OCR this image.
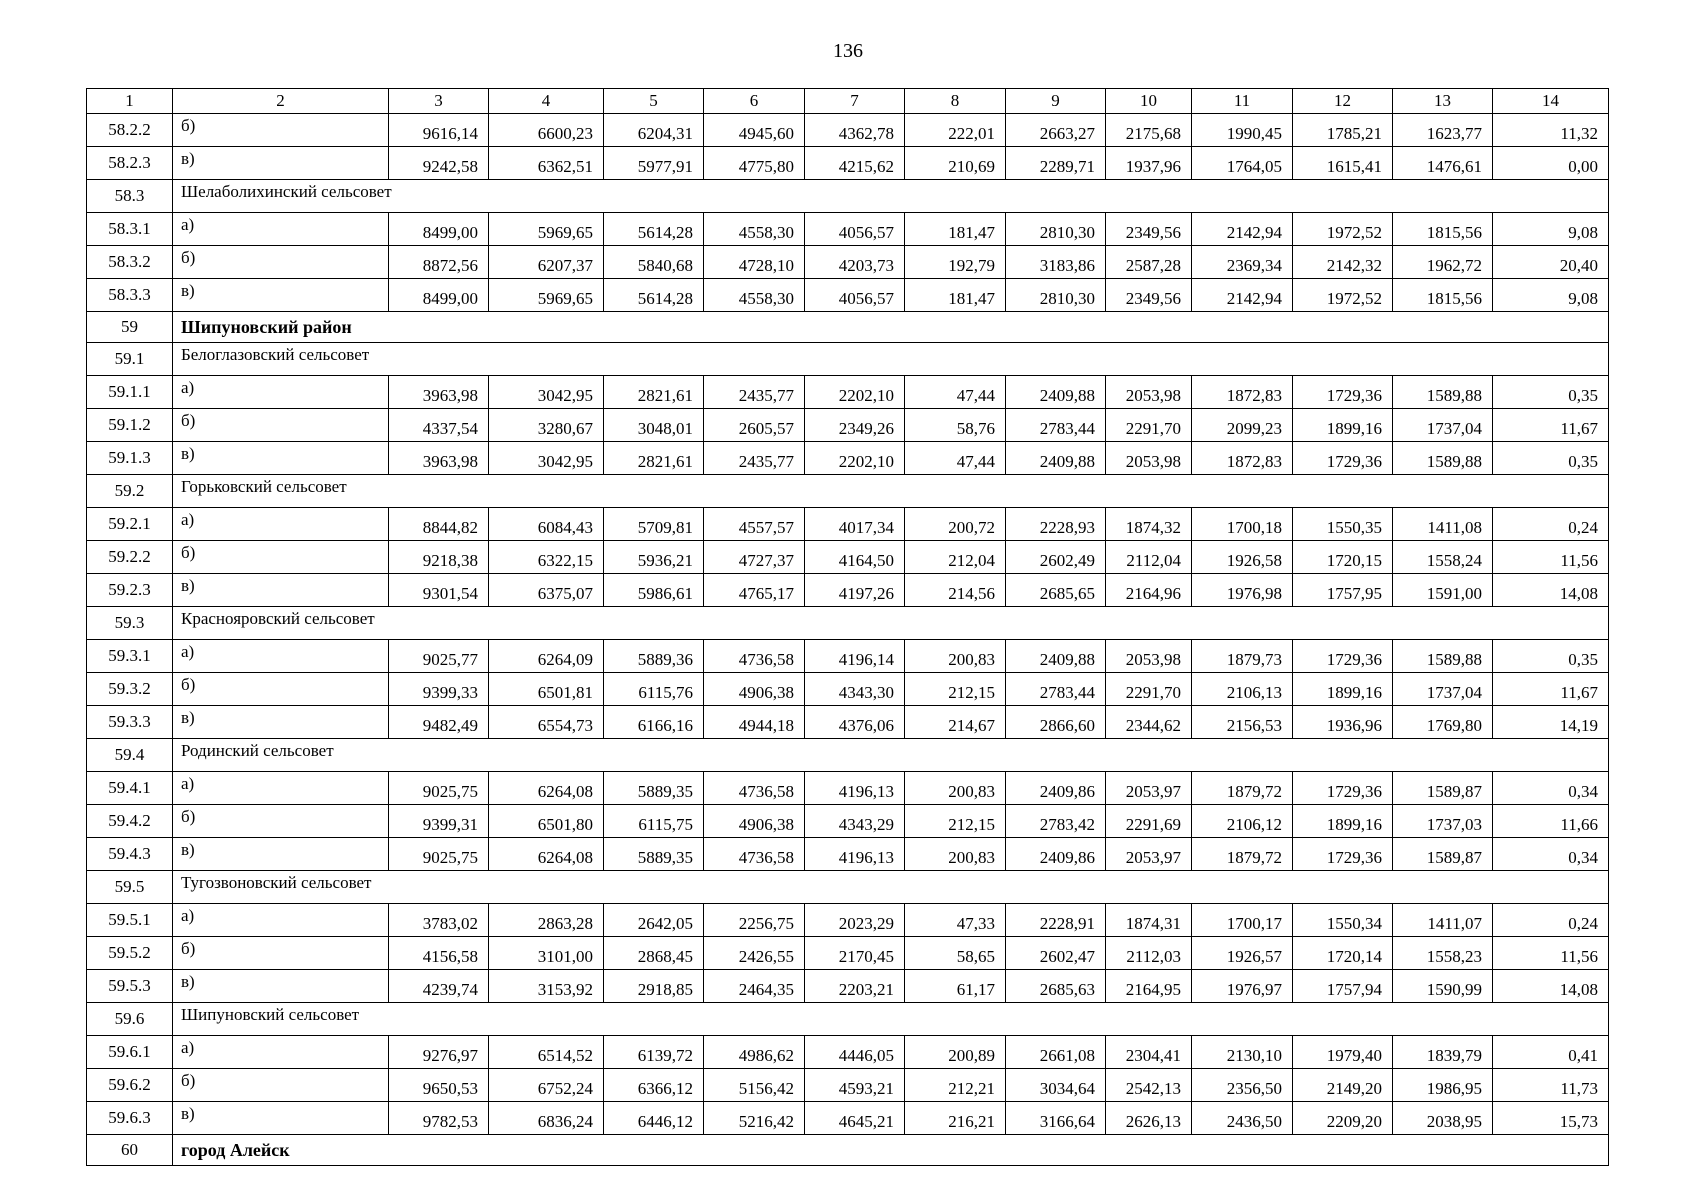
136
1	2	3	4	5	6	7	8	9	10	11	12	13	14
58.2.2	б)	9616,14	6600,23	6204,31	4945,60	4362,78	222,01	2663,27	2175,68	1990,45	1785,21	1623,77	11,32
58.2.3	в)	9242,58	6362,51	5977,91	4775,80	4215,62	210,69	2289,71	1937,96	1764,05	1615,41	1476,61	0,00
58.3	Шелаболихинский сельсовет												
58.3.1	а)	8499,00	5969,65	5614,28	4558,30	4056,57	181,47	2810,30	2349,56	2142,94	1972,52	1815,56	9,08
58.3.2	б)	8872,56	6207,37	5840,68	4728,10	4203,73	192,79	3183,86	2587,28	2369,34	2142,32	1962,72	20,40
58.3.3	в)	8499,00	5969,65	5614,28	4558,30	4056,57	181,47	2810,30	2349,56	2142,94	1972,52	1815,56	9,08
59	Шипуновский район												
59.1	Белоглазовский сельсовет												
59.1.1	а)	3963,98	3042,95	2821,61	2435,77	2202,10	47,44	2409,88	2053,98	1872,83	1729,36	1589,88	0,35
59.1.2	б)	4337,54	3280,67	3048,01	2605,57	2349,26	58,76	2783,44	2291,70	2099,23	1899,16	1737,04	11,67
59.1.3	в)	3963,98	3042,95	2821,61	2435,77	2202,10	47,44	2409,88	2053,98	1872,83	1729,36	1589,88	0,35
59.2	Горьковский сельсовет												
59.2.1	а)	8844,82	6084,43	5709,81	4557,57	4017,34	200,72	2228,93	1874,32	1700,18	1550,35	1411,08	0,24
59.2.2	б)	9218,38	6322,15	5936,21	4727,37	4164,50	212,04	2602,49	2112,04	1926,58	1720,15	1558,24	11,56
59.2.3	в)	9301,54	6375,07	5986,61	4765,17	4197,26	214,56	2685,65	2164,96	1976,98	1757,95	1591,00	14,08
59.3	Краснояровский сельсовет												
59.3.1	а)	9025,77	6264,09	5889,36	4736,58	4196,14	200,83	2409,88	2053,98	1879,73	1729,36	1589,88	0,35
59.3.2	б)	9399,33	6501,81	6115,76	4906,38	4343,30	212,15	2783,44	2291,70	2106,13	1899,16	1737,04	11,67
59.3.3	в)	9482,49	6554,73	6166,16	4944,18	4376,06	214,67	2866,60	2344,62	2156,53	1936,96	1769,80	14,19
59.4	Родинский сельсовет												
59.4.1	а)	9025,75	6264,08	5889,35	4736,58	4196,13	200,83	2409,86	2053,97	1879,72	1729,36	1589,87	0,34
59.4.2	б)	9399,31	6501,80	6115,75	4906,38	4343,29	212,15	2783,42	2291,69	2106,12	1899,16	1737,03	11,66
59.4.3	в)	9025,75	6264,08	5889,35	4736,58	4196,13	200,83	2409,86	2053,97	1879,72	1729,36	1589,87	0,34
59.5	Тугозвоновский сельсовет												
59.5.1	а)	3783,02	2863,28	2642,05	2256,75	2023,29	47,33	2228,91	1874,31	1700,17	1550,34	1411,07	0,24
59.5.2	б)	4156,58	3101,00	2868,45	2426,55	2170,45	58,65	2602,47	2112,03	1926,57	1720,14	1558,23	11,56
59.5.3	в)	4239,74	3153,92	2918,85	2464,35	2203,21	61,17	2685,63	2164,95	1976,97	1757,94	1590,99	14,08
59.6	Шипуновский сельсовет												
59.6.1	а)	9276,97	6514,52	6139,72	4986,62	4446,05	200,89	2661,08	2304,41	2130,10	1979,40	1839,79	0,41
59.6.2	б)	9650,53	6752,24	6366,12	5156,42	4593,21	212,21	3034,64	2542,13	2356,50	2149,20	1986,95	11,73
59.6.3	в)	9782,53	6836,24	6446,12	5216,42	4645,21	216,21	3166,64	2626,13	2436,50	2209,20	2038,95	15,73
60	город Алейск												
